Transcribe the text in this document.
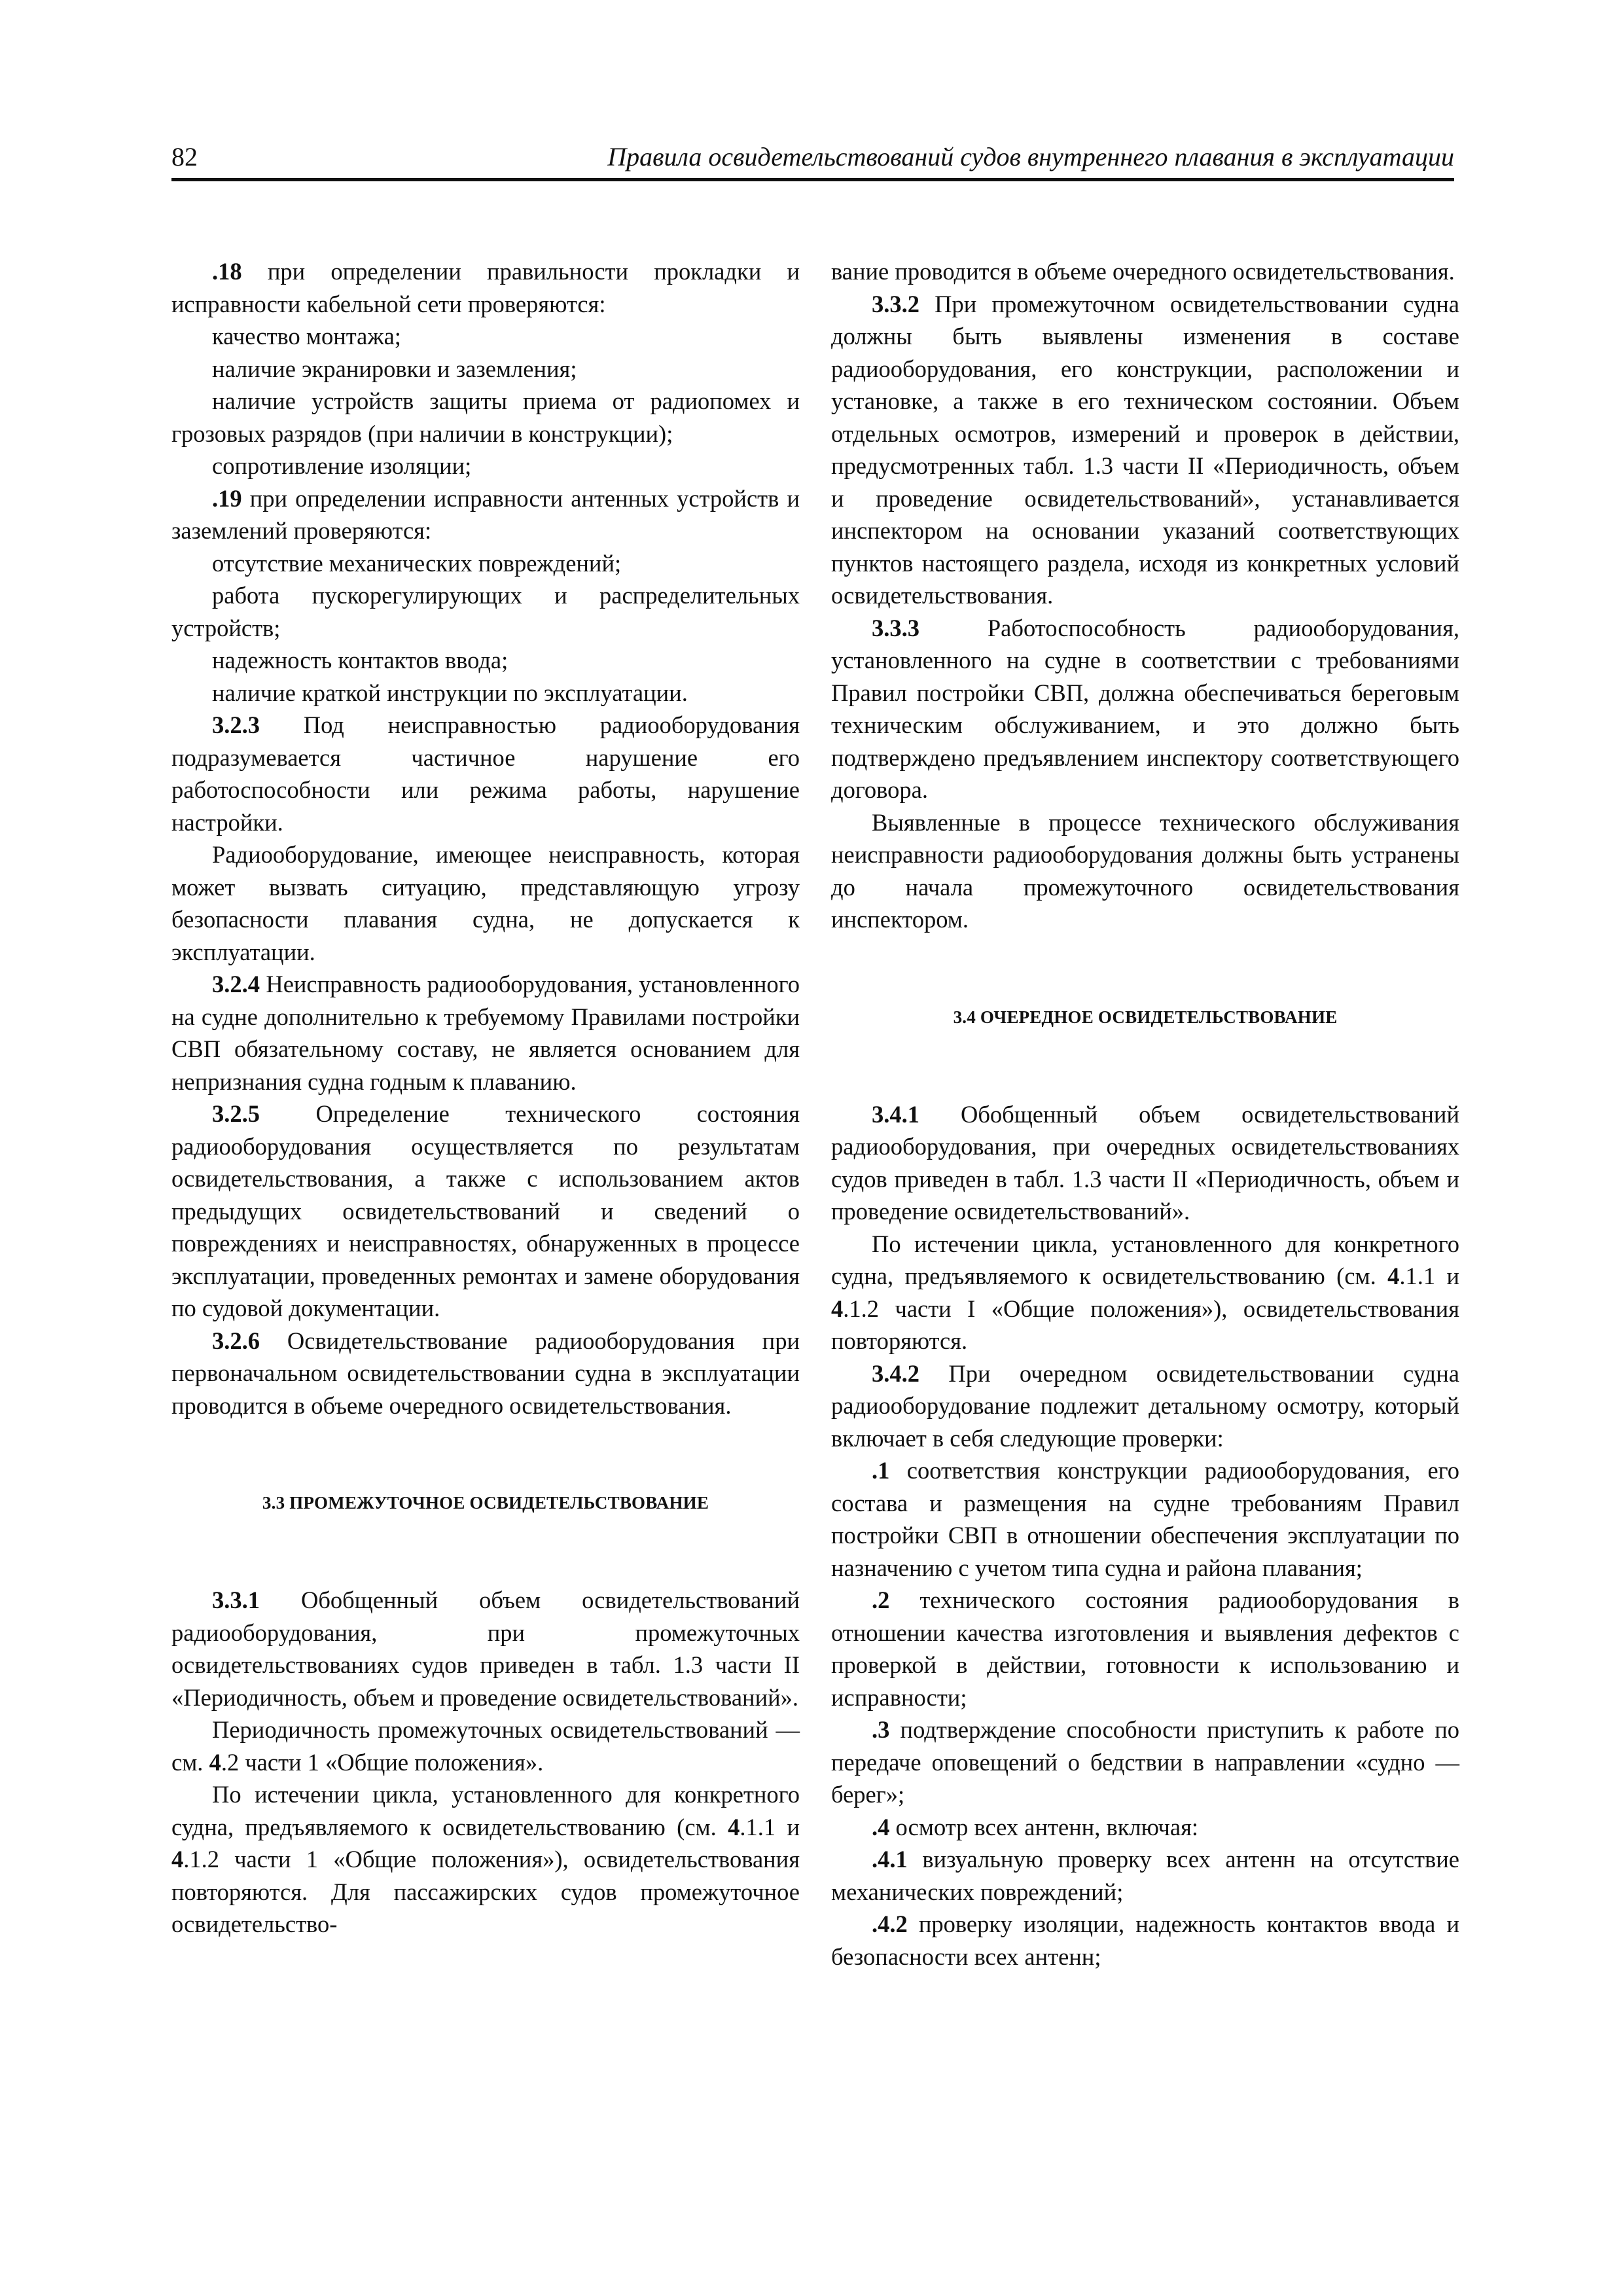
82	Правила освидетельствований судов внутреннего плавания в эксплуатации

.18 при определении правильности прокладки и исправности кабельной сети проверяются:

качество монтажа;

наличие экранировки и заземления;

наличие устройств защиты приема от радиопомех и грозовых разрядов (при наличии в конструкции);

сопротивление изоляции;

.19 при определении исправности антенных устройств и заземлений проверяются:

отсутствие механических повреждений;

работа пускорегулирующих и распределительных устройств;

надежность контактов ввода;

наличие краткой инструкции по эксплуатации.

3.2.3 Под неисправностью радиооборудования подразумевается частичное нарушение его работоспособности или режима работы, нарушение настройки.

Радиооборудование, имеющее неисправность, которая может вызвать ситуацию, представляющую угрозу безопасности плавания судна, не допускается к эксплуатации.

3.2.4 Неисправность радиооборудования, установленного на судне дополнительно к требуемому Правилами постройки СВП обязательному составу, не является основанием для непризнания судна годным к плаванию.

3.2.5 Определение технического состояния радиооборудования осуществляется по результатам освидетельствования, а также с использованием актов предыдущих освидетельствований и сведений о повреждениях и неисправностях, обнаруженных в процессе эксплуатации, проведенных ремонтах и замене оборудования по судовой документации.

3.2.6 Освидетельствование радиооборудования при первоначальном освидетельствовании судна в эксплуатации проводится в объеме очередного освидетельствования.

3.3 ПРОМЕЖУТОЧНОЕ ОСВИДЕТЕЛЬСТВОВАНИЕ

3.3.1 Обобщенный объем освидетельствований радиооборудования, при промежуточных освидетельствованиях судов приведен в табл. 1.3 части II «Периодичность, объем и проведение освидетельствований».

Периодичность промежуточных освидетельствований — см. 4.2 части 1 «Общие положения».

По истечении цикла, установленного для конкретного судна, предъявляемого к освидетельствованию (см. 4.1.1 и 4.1.2 части 1 «Общие положения»), освидетельствования повторяются. Для пассажирских судов промежуточное освидетельство-

вание проводится в объеме очередного освидетельствования.

3.3.2 При промежуточном освидетельствовании судна должны быть выявлены изменения в составе радиооборудования, его конструкции, расположении и установке, а также в его техническом состоянии. Объем отдельных осмотров, измерений и проверок в действии, предусмотренных табл. 1.3 части II «Периодичность, объем и проведение освидетельствований», устанавливается инспектором на основании указаний соответствующих пунктов настоящего раздела, исходя из конкретных условий освидетельствования.

3.3.3 Работоспособность радиооборудования, установленного на судне в соответствии с требованиями Правил постройки СВП, должна обеспечиваться береговым техническим обслуживанием, и это должно быть подтверждено предъявлением инспектору соответствующего договора.

Выявленные в процессе технического обслуживания неисправности радиооборудования должны быть устранены до начала промежуточного освидетельствования инспектором.

3.4 ОЧЕРЕДНОЕ ОСВИДЕТЕЛЬСТВОВАНИЕ

3.4.1 Обобщенный объем освидетельствований радиооборудования, при очередных освидетельствованиях судов приведен в табл. 1.3 части II «Периодичность, объем и проведение освидетельствований».

По истечении цикла, установленного для конкретного судна, предъявляемого к освидетельствованию (см. 4.1.1 и 4.1.2 части I «Общие положения»), освидетельствования повторяются.

3.4.2 При очередном освидетельствовании судна радиооборудование подлежит детальному осмотру, который включает в себя следующие проверки:

.1 соответствия конструкции радиооборудования, его состава и размещения на судне требованиям Правил постройки СВП в отношении обеспечения эксплуатации по назначению с учетом типа судна и района плавания;

.2 технического состояния радиооборудования в отношении качества изготовления и выявления дефектов с проверкой в действии, готовности к использованию и исправности;

.3 подтверждение способности приступить к работе по передаче оповещений о бедствии в направлении «судно — берег»;

.4 осмотр всех антенн, включая:

.4.1 визуальную проверку всех антенн на отсутствие механических повреждений;

.4.2 проверку изоляции, надежность контактов ввода и безопасности всех антенн;
